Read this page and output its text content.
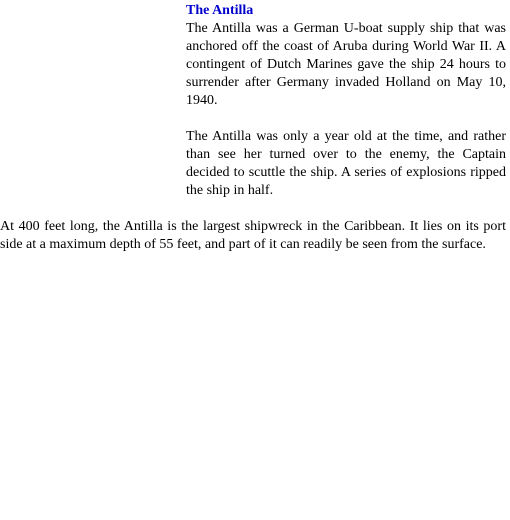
The Antilla

The Antilla was a German U-boat supply ship that was anchored off the coast of Aruba during World War II. A contingent of Dutch Marines gave the ship 24 hours to surrender after Germany invaded Holland on May 10, 1940.

The Antilla was only a year old at the time, and rather than see her turned over to the enemy, the Captain decided to scuttle the ship. A series of explosions ripped the ship in half.

At 400 feet long, the Antilla is the largest shipwreck in the Caribbean. It lies on its port side at a maximum depth of 55 feet, and part of it can readily be seen from the surface.
